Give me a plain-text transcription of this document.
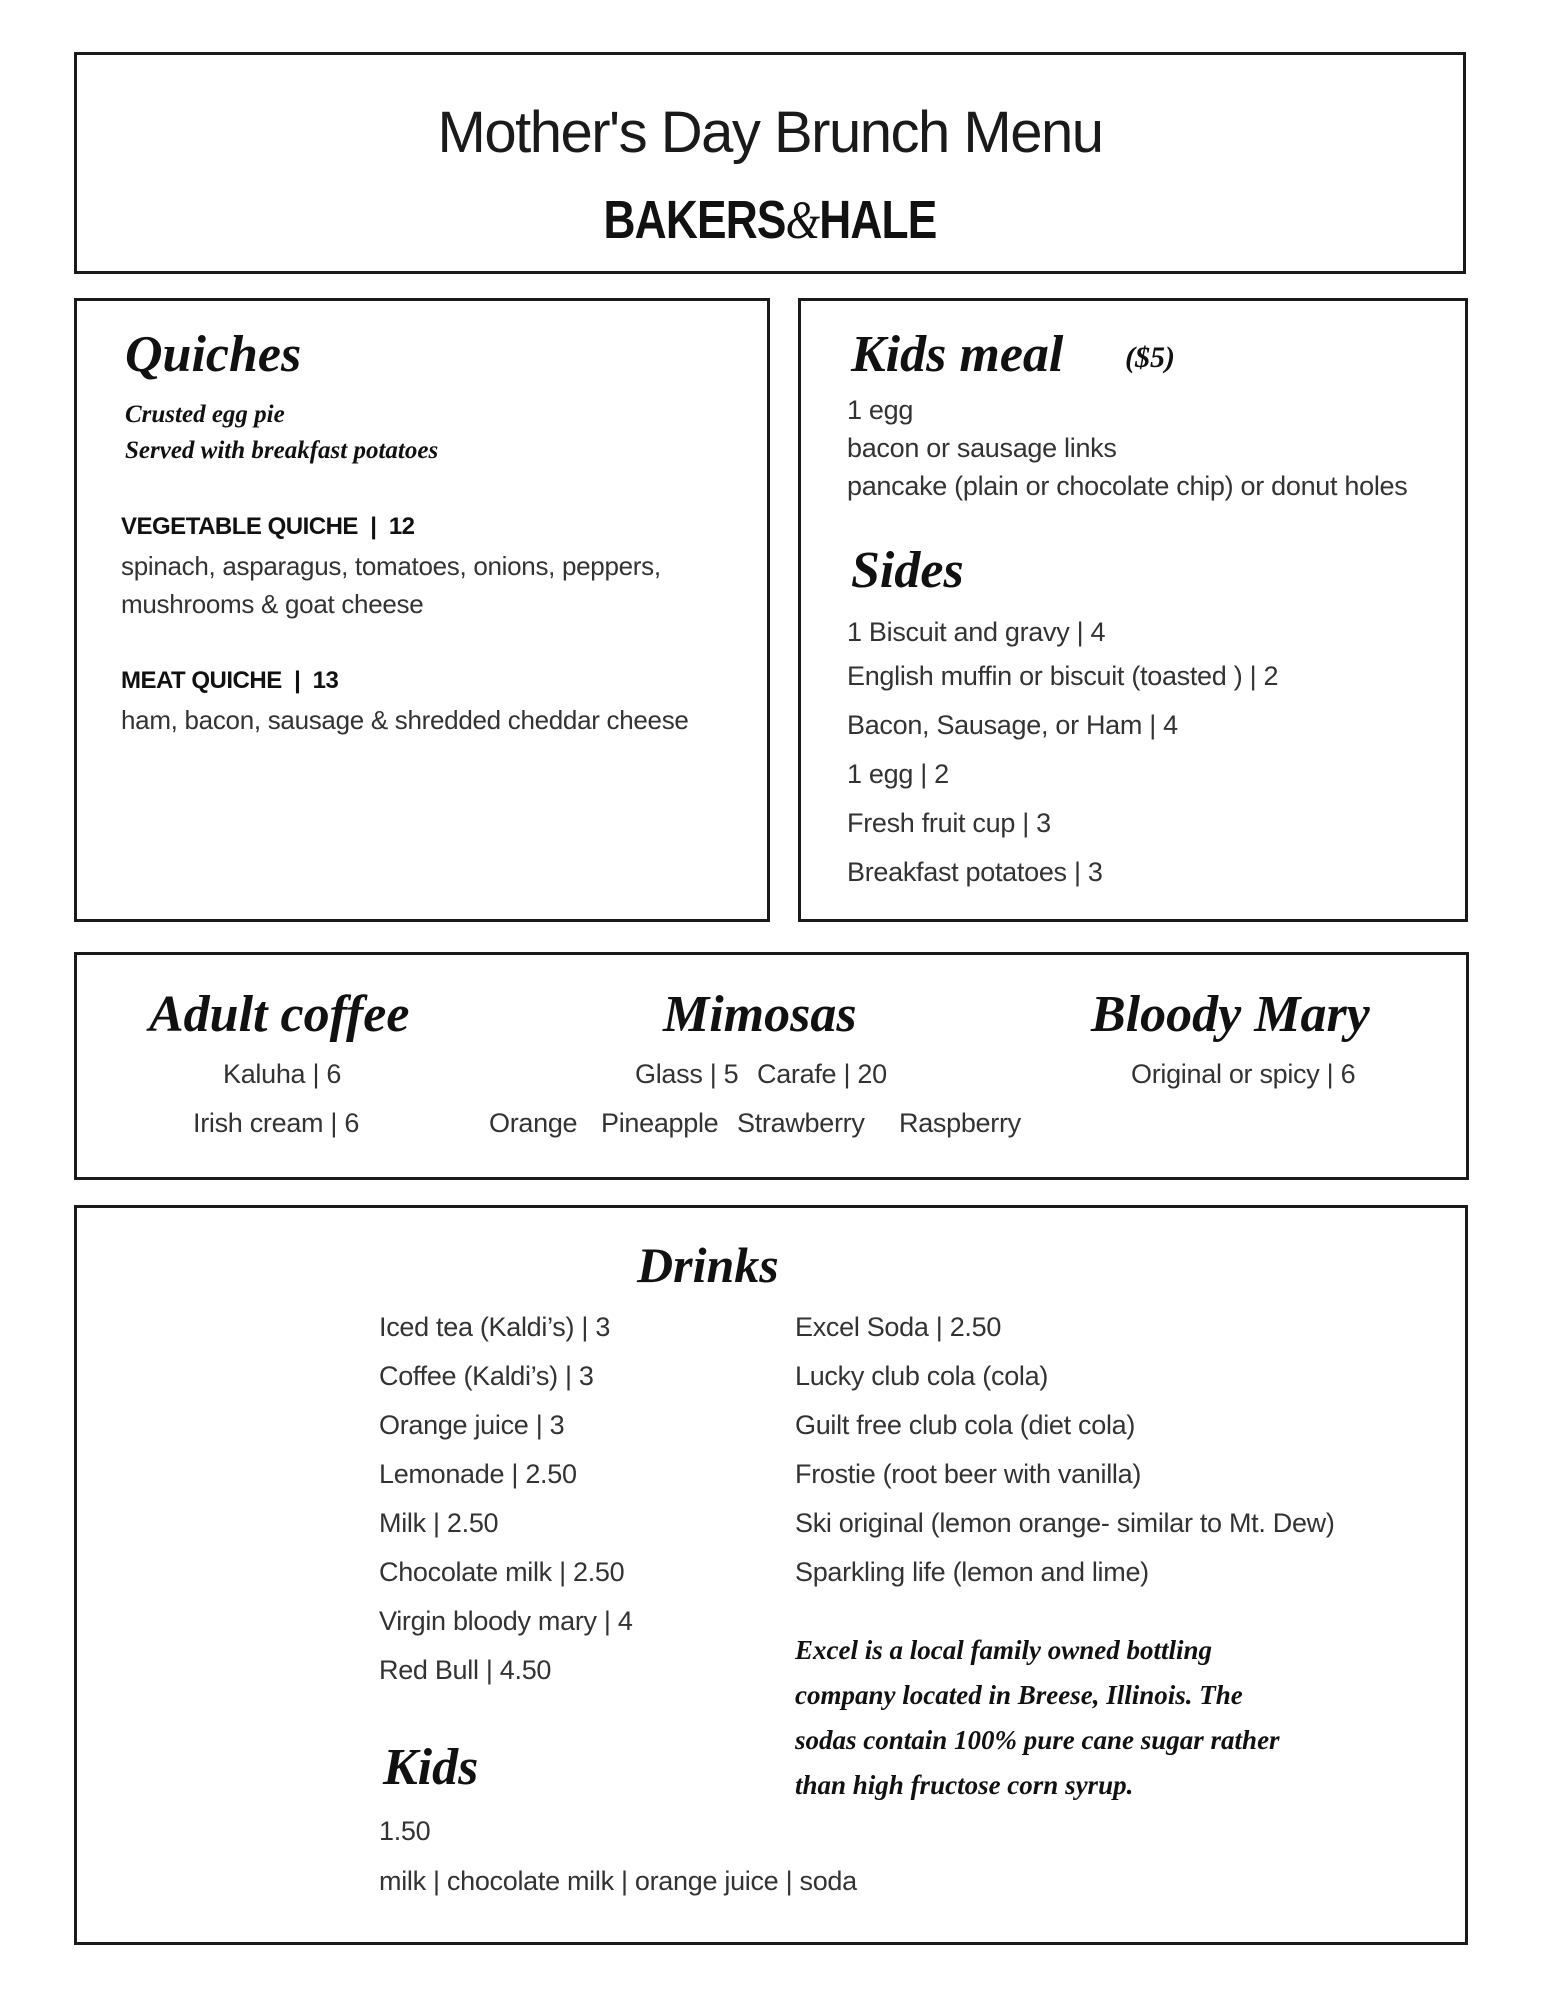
Mother's Day Brunch Menu
BAKERS&HALE
Quiches
Crusted egg pie
Served with breakfast potatoes
VEGETABLE QUICHE | 12
spinach, asparagus, tomatoes, onions, peppers,
mushrooms & goat cheese
MEAT QUICHE | 13
ham, bacon, sausage & shredded cheddar cheese
Kids meal ($5)
1 egg
bacon or sausage links
pancake (plain or chocolate chip) or donut holes
Sides
1 Biscuit and gravy | 4
English muffin or biscuit (toasted ) | 2
Bacon, Sausage, or Ham | 4
1 egg | 2
Fresh fruit cup | 3
Breakfast potatoes | 3
Adult coffee
Kaluha | 6
Irish cream | 6
Mimosas
Glass | 5 Carafe | 20
Orange Pineapple Strawberry Raspberry
Bloody Mary
Original or spicy | 6
Drinks
Iced tea (Kaldi’s) | 3
Coffee (Kaldi’s) | 3
Orange juice | 3
Lemonade | 2.50
Milk | 2.50
Chocolate milk | 2.50
Virgin bloody mary | 4
Red Bull | 4.50
Excel Soda | 2.50
Lucky club cola (cola)
Guilt free club cola (diet cola)
Frostie (root beer with vanilla)
Ski original (lemon orange- similar to Mt. Dew)
Sparkling life (lemon and lime)
Excel is a local family owned bottling
company located in Breese, Illinois. The
sodas contain 100% pure cane sugar rather
than high fructose corn syrup.
Kids
1.50
milk | chocolate milk | orange juice | soda
